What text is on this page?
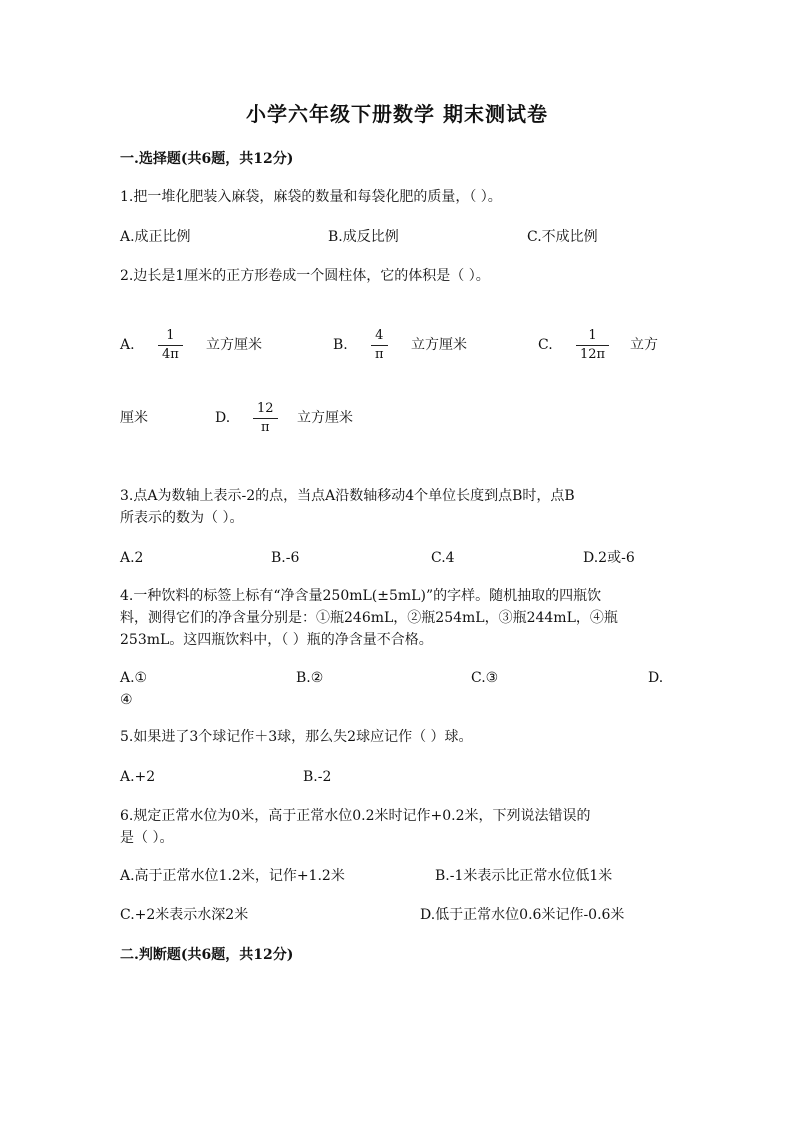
小学六年级下册数学 期末测试卷
一.选择题(共6题，共12分)
1.把一堆化肥装入麻袋，麻袋的数量和每袋化肥的质量，（ ）。
A.成正比例	B.成反比例	C.不成比例
2.边长是1厘米的正方形卷成一个圆柱体，它的体积是（ ）。
A.
1
4π
立方厘米	B.
4
π
立方厘米	C.
1
12π
立方
厘米	D.
12
π
立方厘米
3.点A为数轴上表示-2的点，当点A沿数轴移动4个单位长度到点B时，点B
所表示的数为（ ）。
A.2	B.-6	C.4	D.2或-6
4.一种饮料的标签上标有“净含量250mL(±5mL)”的字样。随机抽取的四瓶饮
料，测得它们的净含量分别是：①瓶246mL，②瓶254mL，③瓶244mL，④瓶
253mL。这四瓶饮料中，（ ）瓶的净含量不合格。
A.①	B.②	C.③	D.
④
5.如果进了3个球记作＋3球，那么失2球应记作（ ）球。
A.+2	B.-2
6.规定正常水位为0米，高于正常水位0.2米时记作+0.2米，下列说法错误的
是（ ）。
A.高于正常水位1.2米，记作+1.2米	B.-1米表示比正常水位低1米
C.+2米表示水深2米	D.低于正常水位0.6米记作-0.6米
二.判断题(共6题，共12分)
